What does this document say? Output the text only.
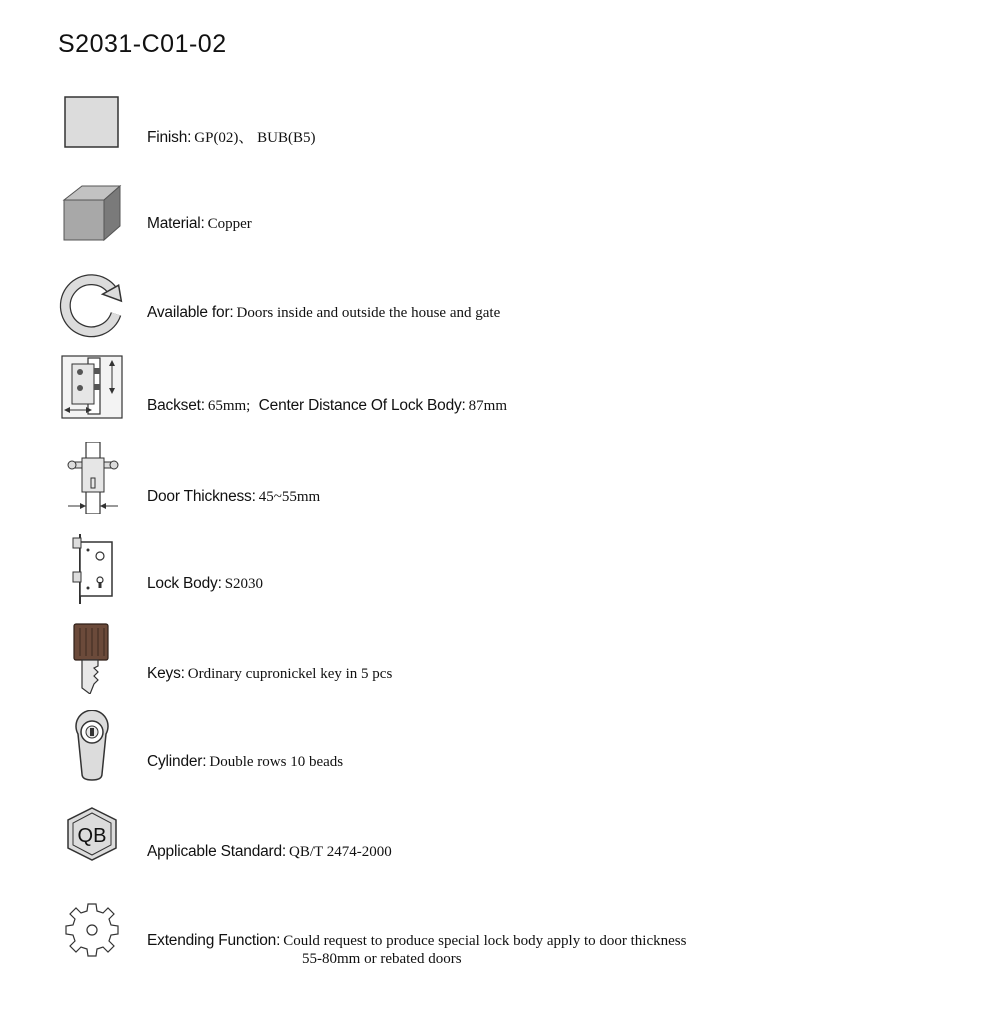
S2031-C01-02
Finish: GP(02)、 BUB(B5)
Material: Copper
Available for: Doors inside and outside the house and gate
Backset: 65mm; Center Distance Of Lock Body: 87mm
Door Thickness: 45~55mm
Lock Body: S2030
Keys: Ordinary cupronickel key in 5 pcs
Cylinder: Double rows 10 beads
QB
Applicable Standard: QB/T 2474-2000
Extending Function: Could request to produce special lock body apply to door thickness
55-80mm or rebated doors
